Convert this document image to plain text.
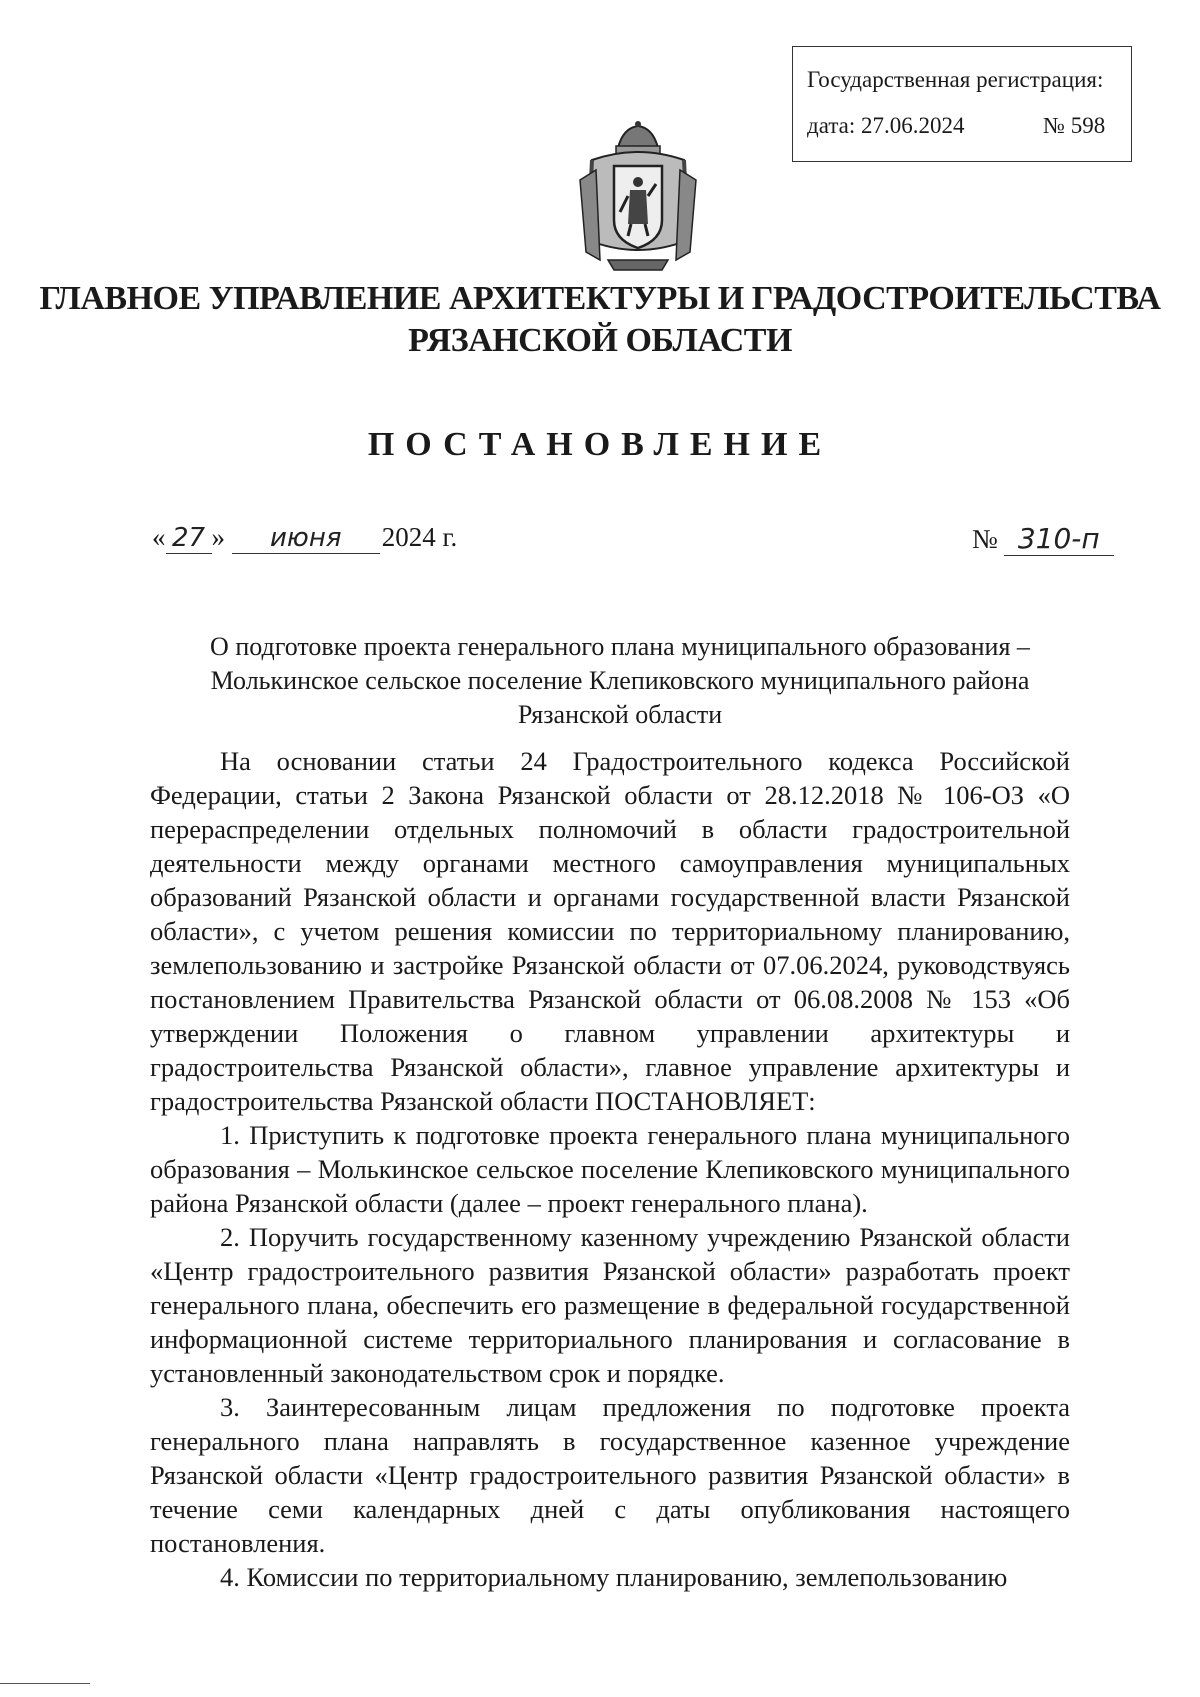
Государственная регистрация:
дата: 27.06.2024	№ 598
ГЛАВНОЕ УПРАВЛЕНИЕ АРХИТЕКТУРЫ И ГРАДОСТРОИТЕЛЬСТВА
РЯЗАНСКОЙ ОБЛАСТИ
ПОСТАНОВЛЕНИЕ
« 27 » июня 2024 г.	№ 310-п
О подготовке проекта генерального плана муниципального образования –
Молькинское сельское поселение Клепиковского муниципального района
Рязанской области

На основании статьи 24 Градостроительного кодекса Российской Федерации, статьи 2 Закона Рязанской области от 28.12.2018 № 106-ОЗ «О перераспределении отдельных полномочий в области градостроительной деятельности между органами местного самоуправления муниципальных образований Рязанской области и органами государственной власти Рязанской области», с учетом решения комиссии по территориальному планированию, землепользованию и застройке Рязанской области от 07.06.2024, руководствуясь постановлением Правительства Рязанской области от 06.08.2008 № 153 «Об утверждении Положения о главном управлении архитектуры и градостроительства Рязанской области», главное управление архитектуры и градостроительства Рязанской области ПОСТАНОВЛЯЕТ:

1. Приступить к подготовке проекта генерального плана муниципального образования – Молькинское сельское поселение Клепиковского муниципального района Рязанской области (далее – проект генерального плана).

2. Поручить государственному казенному учреждению Рязанской области «Центр градостроительного развития Рязанской области» разработать проект генерального плана, обеспечить его размещение в федеральной государственной информационной системе территориального планирования и согласование в установленный законодательством срок и порядке.

3. Заинтересованным лицам предложения по подготовке проекта генерального плана направлять в государственное казенное учреждение Рязанской области «Центр градостроительного развития Рязанской области» в течение семи календарных дней с даты опубликования настоящего постановления.

4. Комиссии по территориальному планированию, землепользованию
